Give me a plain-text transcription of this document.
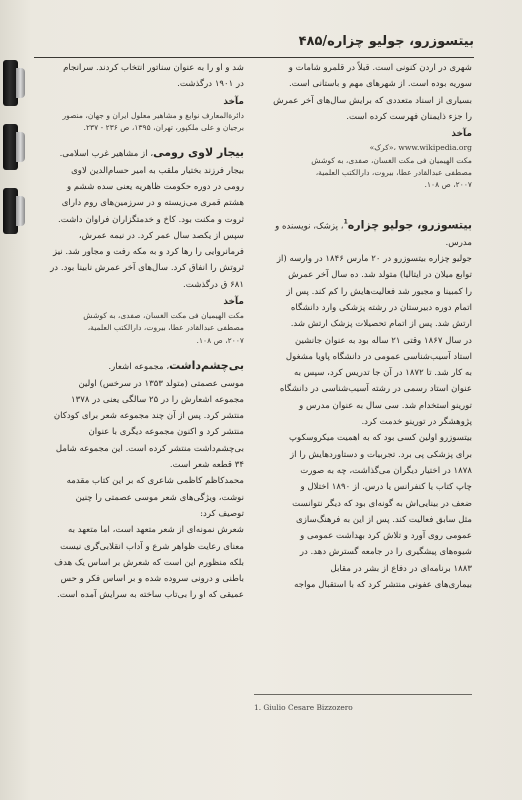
بیتسوزرو، جولیو چزاره
/
۴۸۵

شهری در اردن کنونی است. قبلاً در قلمرو شامات و

سوریه بوده است. از شهرهای مهم و باستانی است.

بسیاری از اسناد متعددی که برایش سال‌های آخر عمرش

را جزء ذایمنان فهرست کرده است.

مآخذ
«کرک»، www.wikipedia.org
مکت الهیمیان فی مکت الغسان، صفدی، به کوشش
مصطفی عبدالقادر عطا، بیروت، دارالکتب العلمیة،
۲۰۰۷، ص ۱۰۸.

بیتسوزرو، جولیو چزاره$^1$، پزشک، نویسنده و

مدرس.

جولیو چزاره بیتسوزرو در ۲۰ مارس ۱۸۴۶ در وارسه (از

توابع میلان در ایتالیا) متولد شد. ده سال آخر عمرش

را کمبینا و مجبور شد فعالیت‌هایش را کم کند. پس از

اتمام دوره دبیرستان در رشته پزشکی وارد دانشگاه

ارتش شد. پس از اتمام تحصیلات پزشک ارتش شد.

در سال ۱۸۶۷ وقتی ۲۱ ساله بود به عنوان جانشین

استاد آسیب‌شناسی عمومی در دانشگاه پاویا مشغول

به کار شد. تا ۱۸۷۲ در آن جا تدریس کرد، سپس به

عنوان استاد رسمی در رشته آسیب‌شناسی در دانشگاه

تورینو استخدام شد. سی سال به عنوان مدرس و

پژوهشگر در تورینو خدمت کرد.

بیتسوزرو اولین کسی بود که به اهمیت میکروسکوپ

برای پزشکی پی برد. تجربیات و دستاوردهایش را از

۱۸۷۸ در اختیار دیگران می‌گذاشت، چه به صورت

چاپ کتاب یا کنفرانس یا درس. از ۱۸۹۰ اختلال و

ضعف در بینایی‌اش به گونه‌ای بود که دیگر نتوانست

مثل سابق فعالیت کند. پس از این به فرهنگ‌سازی

عمومی روی آورد و تلاش کرد بهداشت عمومی و

شیوه‌های پیشگیری را در جامعه گسترش دهد. در

۱۸۸۳ برنامه‌ای در دفاع از بشر در مقابل

بیماری‌های عفونی منتشر کرد که با استقبال مواجه

1. Giulio Cesare Bizzozero

شد و او را به عنوان سناتور انتخاب کردند. سرانجام

در ۱۹۰۱ درگذشت.

مآخذ
دائرةالمعارف نوابغ و مشاهیر معلول ایران و جهان، منصور
برجیان و علی ملکپور، تهران، ۱۳۹۵، ص ۲۳۶ - ۲۳۷.

بیجار لاوی رومی، از مشاهیر غرب اسلامی.

بیجار فرزند بختیار ملقب به امیر حسام‌الدین لاوی

رومی در دوره حکومت ظاهریه یعنی سده ششم و

هشتم قمری می‌زیسته و در سرزمین‌های روم دارای

ثروت و مکنت بود. کاخ و خدمتگزاران فراوان داشت.

سپس از یکصد سال عمر کرد. در نیمه عمرش،

فرمانروایی را رها کرد و به مکه رفت و مجاور شد. نیز

ثروتش را انفاق کرد. سال‌های آخر عمرش نابینا بود. در

۶۸۱ ق درگذشت.

مآخذ
مکت الهیمیان فی مکت الغسان، صفدی، به کوشش
مصطفی عبدالقادر عطا، بیروت، دارالکتب العلمیة،
۲۰۰۷، ص ۱۰۸.

بی‌چشم‌داشت، مجموعه اشعار.

موسی عصمتی (متولد ۱۳۵۳ در سرخس) اولین

مجموعه اشعارش را در ۲۵ سالگی یعنی در ۱۳۷۸

منتشر کرد. پس از آن چند مجموعه شعر برای کودکان

منتشر کرد و اکنون مجموعه دیگری با عنوان

بی‌چشم‌داشت منتشر کرده است. این مجموعه شامل

۳۴ قطعه شعر است.

محمدکاظم کاظمی شاعری که بر این کتاب مقدمه

نوشت، ویژگی‌های شعر موسی عصمتی را چنین

توصیف کرد:

شعرش نمونه‌ای از شعر متعهد است، اما متعهد به

معنای رعایت ظواهر شرع و آداب انقلابی‌گری نیست

بلکه منظورم این است که شعرش بر اساس یک هدف

باطنی و درونی سروده شده و بر اساس فکر و حس

عمیقی که او را بی‌تاب ساخته به سرایش آمده است.
